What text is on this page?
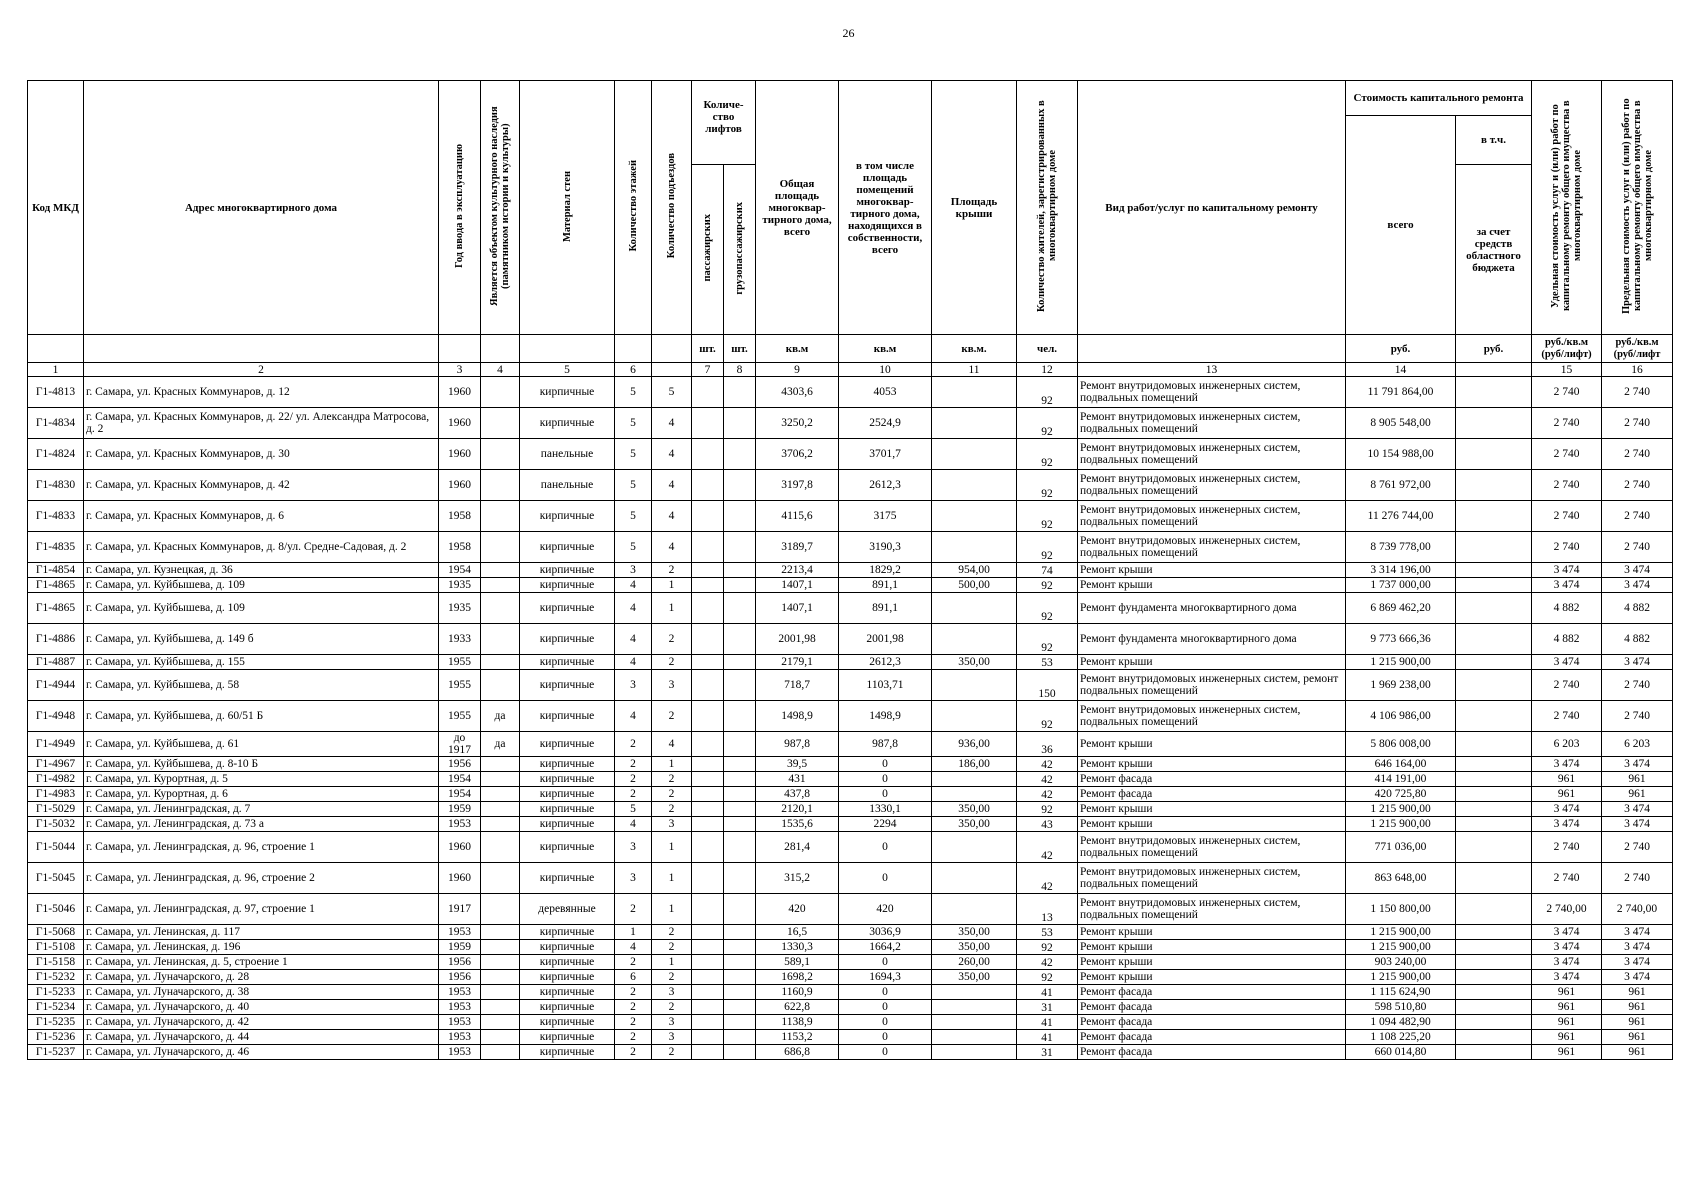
26
Код МКД	Адрес многоквартирного дома	Год ввода в эксплуатацию	Является объектом культурного наследия (памятником истории и культуры)	Материал стен	Количество этажей	Количество подъездов	Количе- ство лифтов		Общая площадь многоквар- тирного дома, всего	в том числе площадь помещений многоквар- тирного дома, находящихся в собственности, всего	Площадь крыши	Количество жителей, зарегистрированных в многоквартирном доме	Вид работ/услуг по капитальному ремонту	Стоимость капитального ремонта		Удельная стоимость услуг и (или) работ по капитальному ремонту общего имущества в многоквартирном доме	Предельная стоимость услуг и (или) работ по капитальному ремонту общего имущества в многоквартирном доме
														всего	в т.ч.		
							пассажирских	грузопассажирских							за счет средств областного бюджета		
							шт.	шт.	кв.м	кв.м	кв.м.	чел.		руб.	руб.	руб./кв.м (руб/лифт)	руб./кв.м (руб/лифт
1	2	3	4	5	6		7	8	9	10	11	12	13	14		15	16
Г1-4813	г. Самара, ул. Красных Коммунаров, д. 12	1960		кирпичные	5	5			4303,6	4053		92	Ремонт внутридомовых инженерных систем, подвальных помещений	11 791 864,00		2 740	2 740
Г1-4834	г. Самара, ул. Красных Коммунаров, д. 22/ ул. Александра Матросова, д. 2	1960		кирпичные	5	4			3250,2	2524,9		92	Ремонт внутридомовых инженерных систем, подвальных помещений	8 905 548,00		2 740	2 740
Г1-4824	г. Самара, ул. Красных Коммунаров, д. 30	1960		панельные	5	4			3706,2	3701,7		92	Ремонт внутридомовых инженерных систем, подвальных помещений	10 154 988,00		2 740	2 740
Г1-4830	г. Самара, ул. Красных Коммунаров, д. 42	1960		панельные	5	4			3197,8	2612,3		92	Ремонт внутридомовых инженерных систем, подвальных помещений	8 761 972,00		2 740	2 740
Г1-4833	г. Самара, ул. Красных Коммунаров, д. 6	1958		кирпичные	5	4			4115,6	3175		92	Ремонт внутридомовых инженерных систем, подвальных помещений	11 276 744,00		2 740	2 740
Г1-4835	г. Самара, ул. Красных Коммунаров, д. 8/ул. Средне-Садовая, д. 2	1958		кирпичные	5	4			3189,7	3190,3		92	Ремонт внутридомовых инженерных систем, подвальных помещений	8 739 778,00		2 740	2 740
Г1-4854	г. Самара, ул. Кузнецкая, д. 36	1954		кирпичные	3	2			2213,4	1829,2	954,00	74	Ремонт крыши	3 314 196,00		3 474	3 474
Г1-4865	г. Самара, ул. Куйбышева, д. 109	1935		кирпичные	4	1			1407,1	891,1	500,00	92	Ремонт крыши	1 737 000,00		3 474	3 474
Г1-4865	г. Самара, ул. Куйбышева, д. 109	1935		кирпичные	4	1			1407,1	891,1		92	Ремонт фундамента многоквартирного дома	6 869 462,20		4 882	4 882
Г1-4886	г. Самара, ул. Куйбышева, д. 149 б	1933		кирпичные	4	2			2001,98	2001,98		92	Ремонт фундамента многоквартирного дома	9 773 666,36		4 882	4 882
Г1-4887	г. Самара, ул. Куйбышева, д. 155	1955		кирпичные	4	2			2179,1	2612,3	350,00	53	Ремонт крыши	1 215 900,00		3 474	3 474
Г1-4944	г. Самара, ул. Куйбышева, д. 58	1955		кирпичные	3	3			718,7	1103,71		150	Ремонт внутридомовых инженерных систем, ремонт подвальных помещений	1 969 238,00		2 740	2 740
Г1-4948	г. Самара, ул. Куйбышева, д. 60/51 Б	1955	да	кирпичные	4	2			1498,9	1498,9		92	Ремонт внутридомовых инженерных систем, подвальных помещений	4 106 986,00		2 740	2 740
Г1-4949	г. Самара, ул. Куйбышева, д. 61	до 1917	да	кирпичные	2	4			987,8	987,8	936,00	36	Ремонт крыши	5 806 008,00		6 203	6 203
Г1-4967	г. Самара, ул. Куйбышева, д. 8-10 Б	1956		кирпичные	2	1			39,5	0	186,00	42	Ремонт крыши	646 164,00		3 474	3 474
Г1-4982	г. Самара, ул. Курортная, д. 5	1954		кирпичные	2	2			431	0		42	Ремонт фасада	414 191,00		961	961
Г1-4983	г. Самара, ул. Курортная, д. 6	1954		кирпичные	2	2			437,8	0		42	Ремонт фасада	420 725,80		961	961
Г1-5029	г. Самара, ул. Ленинградская, д. 7	1959		кирпичные	5	2			2120,1	1330,1	350,00	92	Ремонт крыши	1 215 900,00		3 474	3 474
Г1-5032	г. Самара, ул. Ленинградская, д. 73 а	1953		кирпичные	4	3			1535,6	2294	350,00	43	Ремонт крыши	1 215 900,00		3 474	3 474
Г1-5044	г. Самара, ул. Ленинградская, д. 96, строение 1	1960		кирпичные	3	1			281,4	0		42	Ремонт внутридомовых инженерных систем, подвальных помещений	771 036,00		2 740	2 740
Г1-5045	г. Самара, ул. Ленинградская, д. 96, строение 2	1960		кирпичные	3	1			315,2	0		42	Ремонт внутридомовых инженерных систем, подвальных помещений	863 648,00		2 740	2 740
Г1-5046	г. Самара, ул. Ленинградская, д. 97, строение 1	1917		деревянные	2	1			420	420		13	Ремонт внутридомовых инженерных систем, подвальных помещений	1 150 800,00		2 740,00	2 740,00
Г1-5068	г. Самара, ул. Ленинская, д. 117	1953		кирпичные	1	2			16,5	3036,9	350,00	53	Ремонт крыши	1 215 900,00		3 474	3 474
Г1-5108	г. Самара, ул. Ленинская, д. 196	1959		кирпичные	4	2			1330,3	1664,2	350,00	92	Ремонт крыши	1 215 900,00		3 474	3 474
Г1-5158	г. Самара, ул. Ленинская, д. 5, строение 1	1956		кирпичные	2	1			589,1	0	260,00	42	Ремонт крыши	903 240,00		3 474	3 474
Г1-5232	г. Самара, ул. Луначарского, д. 28	1956		кирпичные	6	2			1698,2	1694,3	350,00	92	Ремонт крыши	1 215 900,00		3 474	3 474
Г1-5233	г. Самара, ул. Луначарского, д. 38	1953		кирпичные	2	3			1160,9	0		41	Ремонт фасада	1 115 624,90		961	961
Г1-5234	г. Самара, ул. Луначарского, д. 40	1953		кирпичные	2	2			622,8	0		31	Ремонт фасада	598 510,80		961	961
Г1-5235	г. Самара, ул. Луначарского, д. 42	1953		кирпичные	2	3			1138,9	0		41	Ремонт фасада	1 094 482,90		961	961
Г1-5236	г. Самара, ул. Луначарского, д. 44	1953		кирпичные	2	3			1153,2	0		41	Ремонт фасада	1 108 225,20		961	961
Г1-5237	г. Самара, ул. Луначарского, д. 46	1953		кирпичные	2	2			686,8	0		31	Ремонт фасада	660 014,80		961	961
